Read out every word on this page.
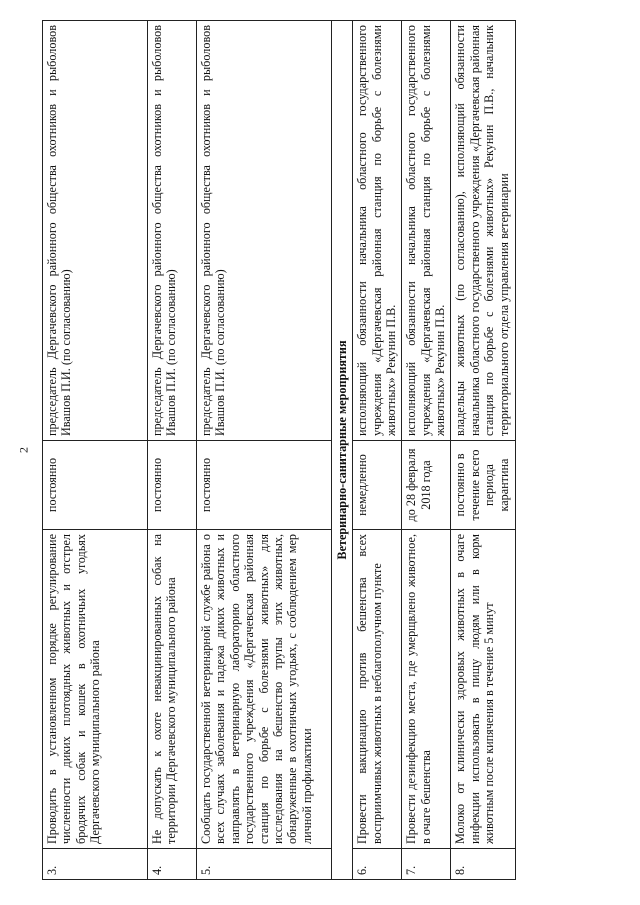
2
3.	Проводить в установленном порядке регулирование численности диких плотоядных животных и отстрел бродячих собак и кошек в охотничьих угодьях Дергачевского муниципального района	постоянно	председатель Дергачевского районного общества охотников и рыболовов Ивашов П.И. (по согласованию)
4.	Не допускать к охоте невакцинированных собак на территории Дергачевского муниципального района	постоянно	председатель Дергачевского районного общества охотников и рыболовов Ивашов П.И. (по согласованию)
5.	Сообщать государственной ветеринарной службе района о всех случаях заболевания и падежа диких животных и направлять в ветеринарную лабораторию областного государственного учреждения «Дергачевская районная станция по борьбе с болезнями животных» для исследования на бешенство трупы этих животных, обнаруженные в охотничьих угодьях, с соблюдением мер личной профилактики	постоянно	председатель Дергачевского районного общества охотников и рыболовов Ивашов П.И. (по согласованию)
Ветеринарно-санитарные мероприятия			
6.	Провести вакцинацию против бешенства всех восприимчивых животных в неблагополучном пункте	немедленно	исполняющий обязанности начальника областного государственного учреждения «Дергачевская районная станция по борьбе с болезнями животных» Рекунин П.В.
7.	Провести дезинфекцию места, где умерщвлено животное, в очаге бешенства	до 28 февраля 2018 года	исполняющий обязанности начальника областного государственного учреждения «Дергачевская районная станция по борьбе с болезнями животных» Рекунин П.В.
8.	Молоко от клинически здоровых животных в очаге инфекции использовать в пищу людям или в корм животным после кипячения в течение 5 минут	постоянно в течение всего периода карантина	владельцы животных (по согласованию), исполняющий обязанности начальника областного государственного учреждения «Дергачевская районная станция по борьбе с болезнями животных» Рекунин П.В., начальник территориального отдела управления ветеринарии
